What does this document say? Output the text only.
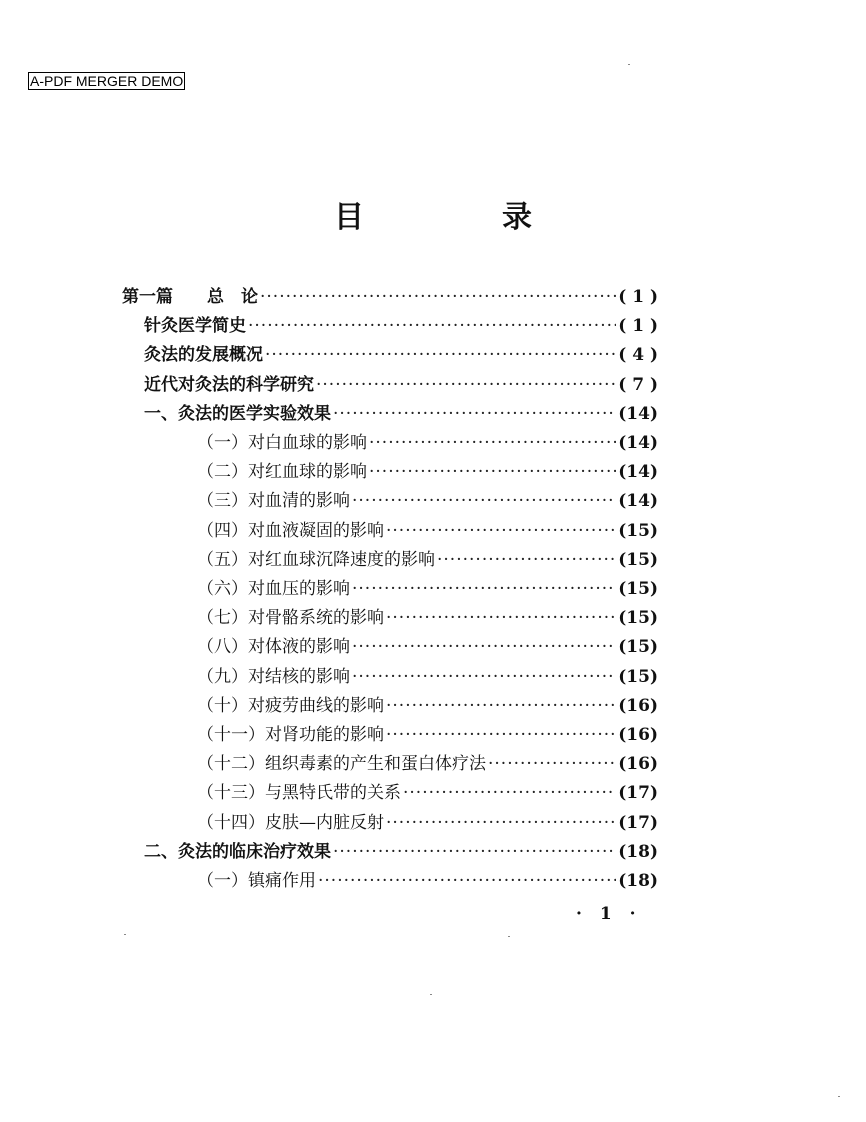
A-PDF MERGER DEMO
目　录
第一篇　　总　论 ·····	( 1 )
针灸医学简史 ·····	( 1 )
灸法的发展概况 ·····	( 4 )
近代对灸法的科学研究 ·····	( 7 )
一、灸法的医学实验效果 ·····	(14)
（一）对白血球的影响 ·····	(14)
（二）对红血球的影响 ·····	(14)
（三）对血清的影响 ·····	(14)
（四）对血液凝固的影响 ·····	(15)
（五）对红血球沉降速度的影响 ·····	(15)
（六）对血压的影响 ·····	(15)
（七）对骨骼系统的影响 ·····	(15)
（八）对体液的影响 ·····	(15)
（九）对结核的影响 ·····	(15)
（十）对疲劳曲线的影响 ·····	(16)
（十一）对肾功能的影响 ·····	(16)
（十二）组织毒素的产生和蛋白体疗法 ·····	(16)
（十三）与黑特氏带的关系 ·····	(17)
（十四）皮肤—内脏反射 ·····	(17)
二、灸法的临床治疗效果 ·····	(18)
（一）镇痛作用 ·····	(18)
· 1 ·
